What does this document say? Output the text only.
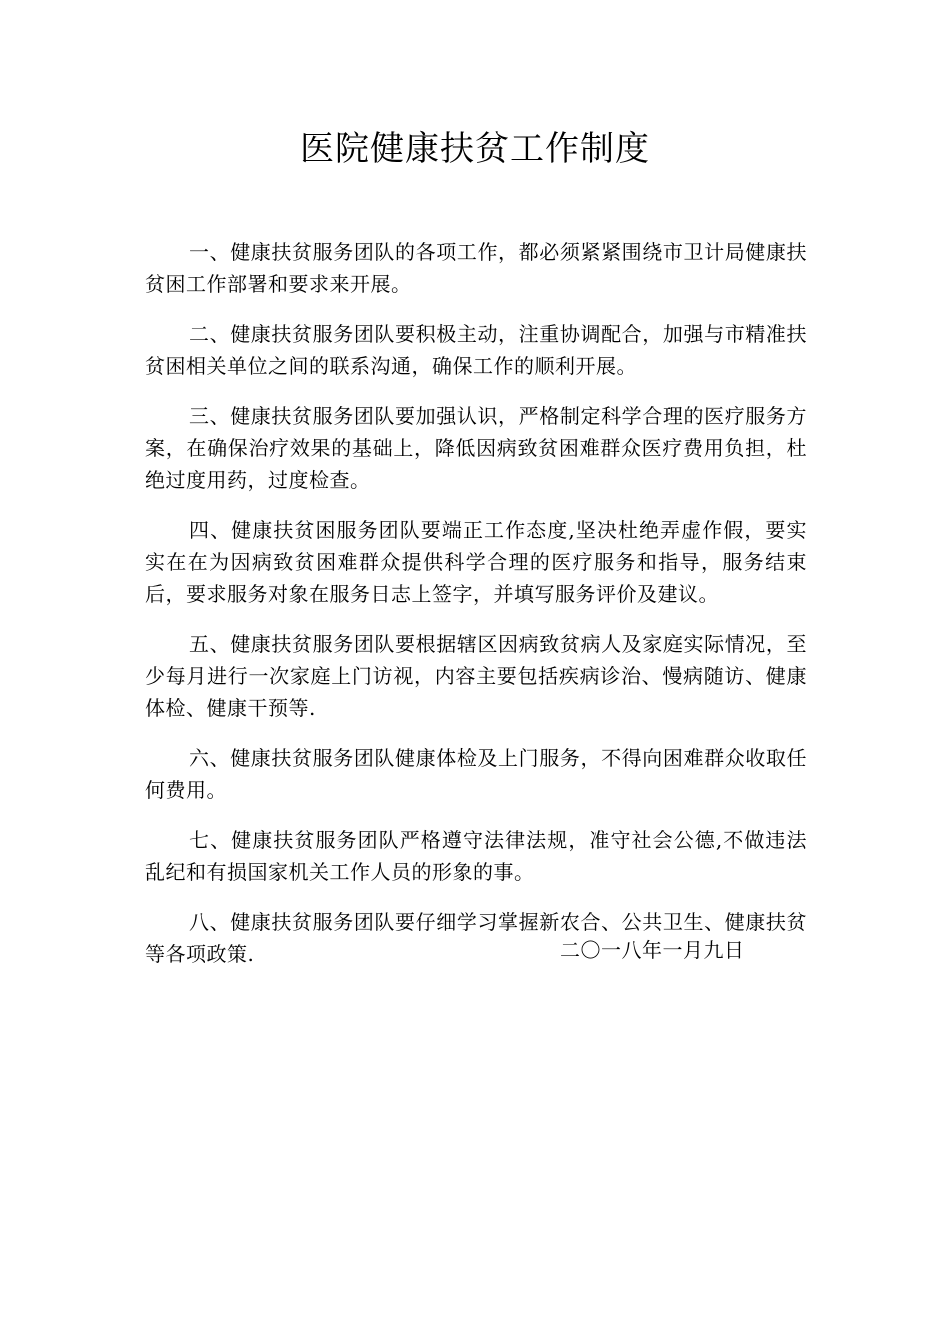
医院健康扶贫工作制度

一、健康扶贫服务团队的各项工作，都必须紧紧围绕市卫计局健康扶贫困工作部署和要求来开展。

二、健康扶贫服务团队要积极主动，注重协调配合，加强与市精准扶贫困相关单位之间的联系沟通，确保工作的顺利开展。

三、健康扶贫服务团队要加强认识，严格制定科学合理的医疗服务方案，在确保治疗效果的基础上，降低因病致贫困难群众医疗费用负担，杜绝过度用药，过度检查。

四、健康扶贫困服务团队要端正工作态度,坚决杜绝弄虚作假，要实实在在为因病致贫困难群众提供科学合理的医疗服务和指导，服务结束后，要求服务对象在服务日志上签字，并填写服务评价及建议。

五、健康扶贫服务团队要根据辖区因病致贫病人及家庭实际情况，至少每月进行一次家庭上门访视，内容主要包括疾病诊治、慢病随访、健康体检、健康干预等.

六、健康扶贫服务团队健康体检及上门服务，不得向困难群众收取任何费用。

七、健康扶贫服务团队严格遵守法律法规，准守社会公德,不做违法乱纪和有损国家机关工作人员的形象的事。

八、健康扶贫服务团队要仔细学习掌握新农合、公共卫生、健康扶贫等各项政策.	二〇一八年一月九日
